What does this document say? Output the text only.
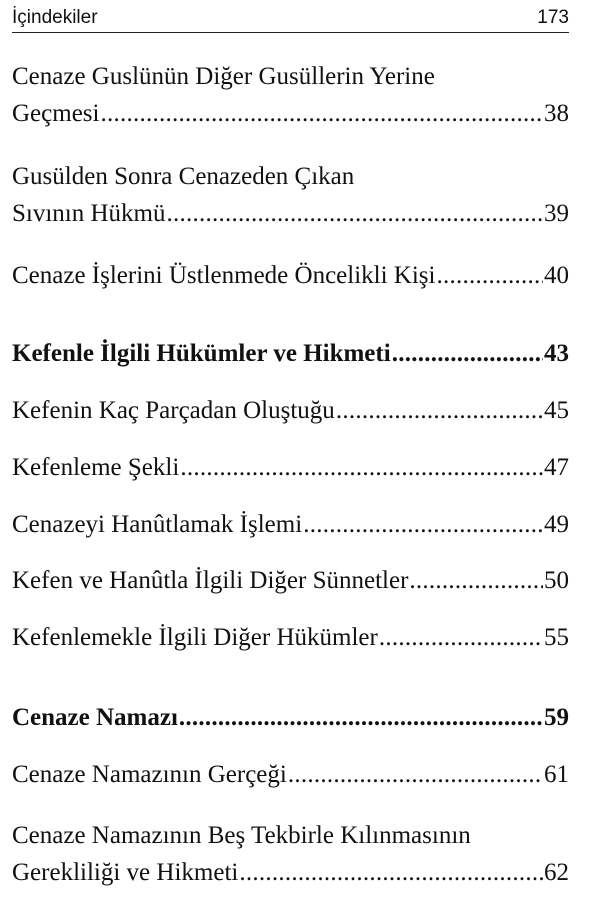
İçindekiler	173
Cenaze Guslünün Diğer Gusüllerin Yerine
Geçmesi . . .	38
Gusülden Sonra Cenazeden Çıkan
Sıvının Hükmü . . .	39
Cenaze İşlerini Üstlenmede Öncelikli Kişi . . .	40
Kefenle İlgili Hükümler ve Hikmeti . . .	43
Kefenin Kaç Parçadan Oluştuğu . . .	45
Kefenleme Şekli . . .	47
Cenazeyi Hanûtlamak İşlemi . . .	49
Kefen ve Hanûtla İlgili Diğer Sünnetler . . .	50
Kefenlemekle İlgili Diğer Hükümler . . .	55
Cenaze Namazı . . .	59
Cenaze Namazının Gerçeği . . .	61
Cenaze Namazının Beş Tekbirle Kılınmasının
Gerekliliği ve Hikmeti . . .	62
